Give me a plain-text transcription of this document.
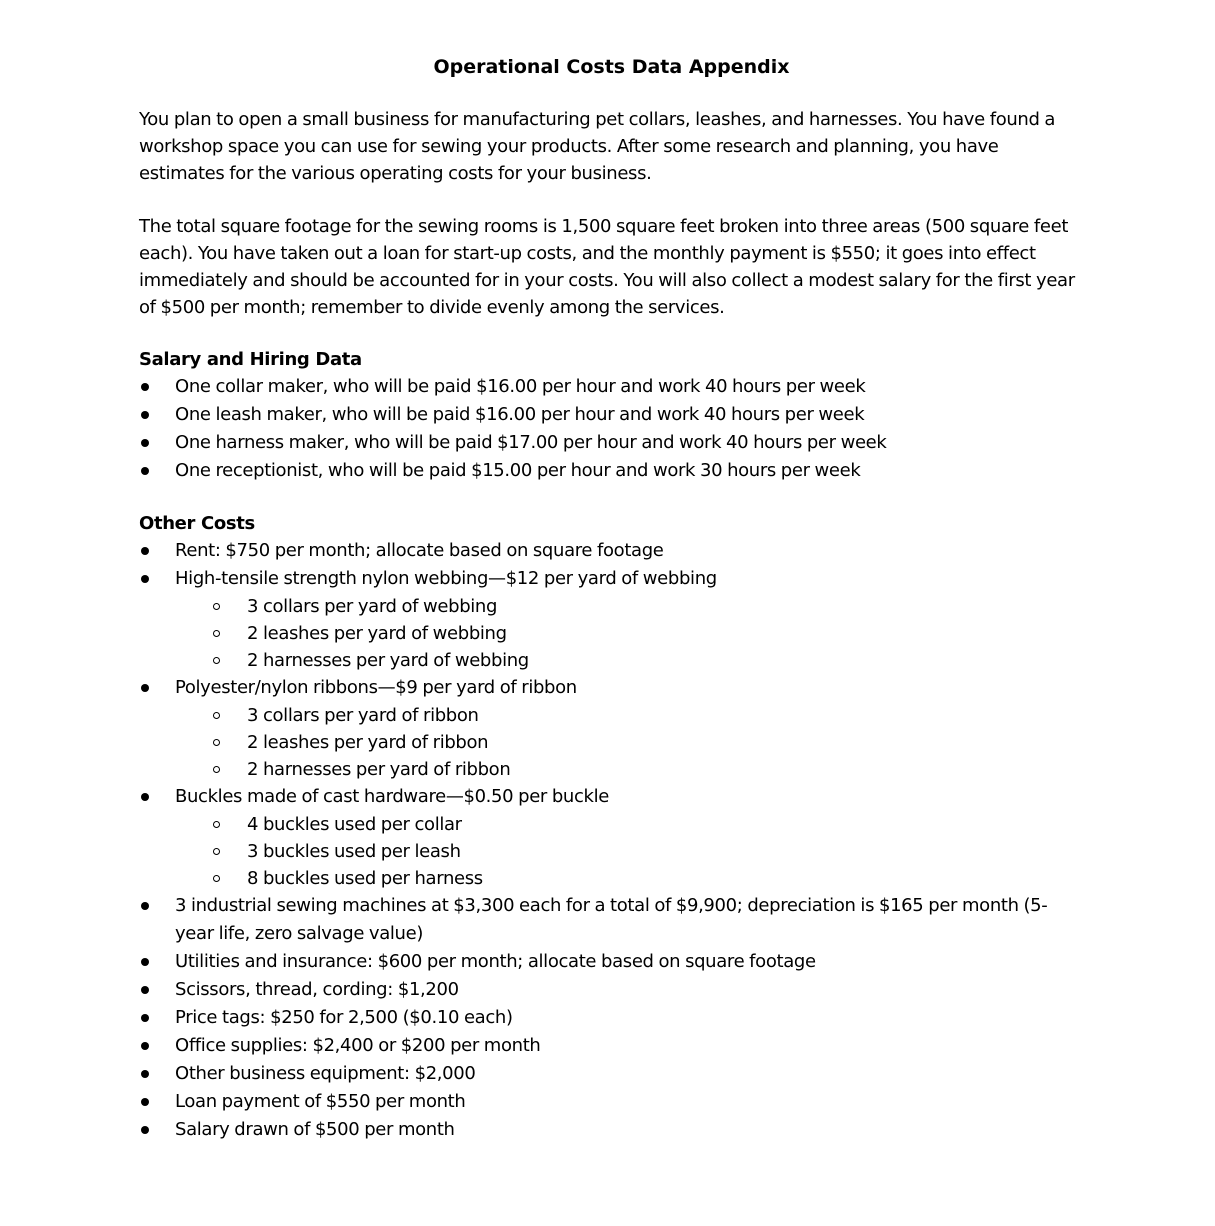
Operational Costs Data Appendix

You plan to open a small business for manufacturing pet collars, leashes, and harnesses. You have found a workshop space you can use for sewing your products. After some research and planning, you have estimates for the various operating costs for your business.

The total square footage for the sewing rooms is 1,500 square feet broken into three areas (500 square feet each). You have taken out a loan for start-up costs, and the monthly payment is $550; it goes into effect immediately and should be accounted for in your costs. You will also collect a modest salary for the first year of $500 per month; remember to divide evenly among the services.

Salary and Hiring Data
One collar maker, who will be paid $16.00 per hour and work 40 hours per week
One leash maker, who will be paid $16.00 per hour and work 40 hours per week
One harness maker, who will be paid $17.00 per hour and work 40 hours per week
One receptionist, who will be paid $15.00 per hour and work 30 hours per week
Other Costs
Rent: $750 per month; allocate based on square footage
High-tensile strength nylon webbing—$12 per yard of webbing
3 collars per yard of webbing
2 leashes per yard of webbing
2 harnesses per yard of webbing
Polyester/nylon ribbons—$9 per yard of ribbon
3 collars per yard of ribbon
2 leashes per yard of ribbon
2 harnesses per yard of ribbon
Buckles made of cast hardware—$0.50 per buckle
4 buckles used per collar
3 buckles used per leash
8 buckles used per harness
3 industrial sewing machines at $3,300 each for a total of $9,900; depreciation is $165 per month (5-year life, zero salvage value)
Utilities and insurance: $600 per month; allocate based on square footage
Scissors, thread, cording: $1,200
Price tags: $250 for 2,500 ($0.10 each)
Office supplies: $2,400 or $200 per month
Other business equipment: $2,000
Loan payment of $550 per month
Salary drawn of $500 per month
